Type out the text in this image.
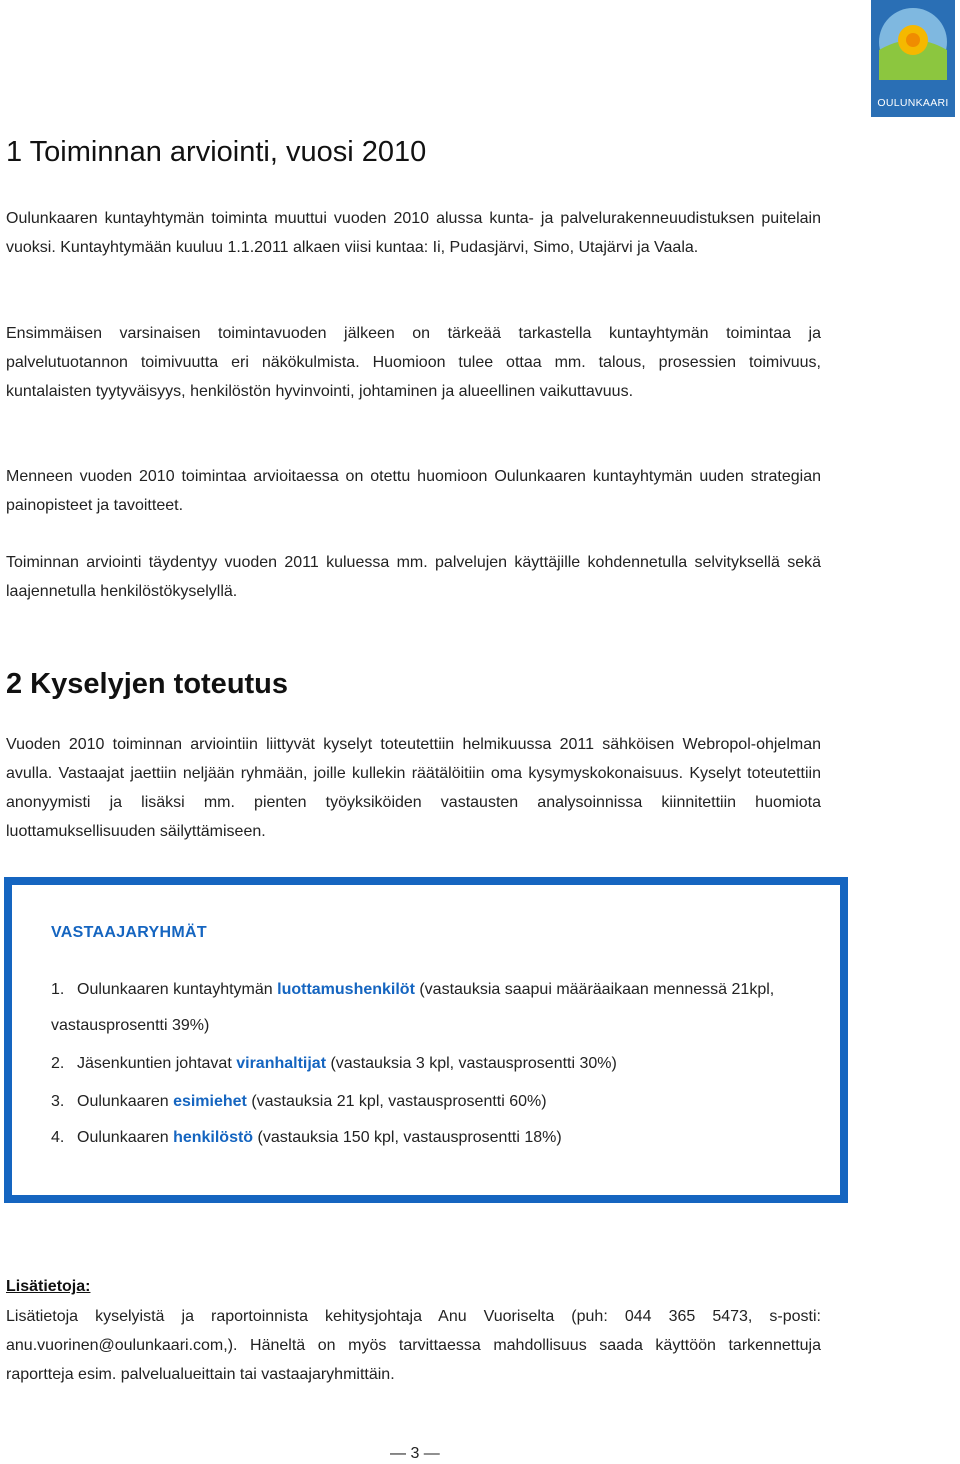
OULUNKAARI
1 Toiminnan arviointi, vuosi 2010

Oulunkaaren kuntayhtymän toiminta muuttui vuoden 2010 alussa kunta- ja palvelurakenneuudistuksen puitelain vuoksi. Kuntayhtymään kuuluu 1.1.2011 alkaen viisi kuntaa: Ii, Pudasjärvi, Simo, Utajärvi ja Vaala.

Ensimmäisen varsinaisen toimintavuoden jälkeen on tärkeää tarkastella kuntayhtymän toimintaa ja palvelutuotannon toimivuutta eri näkökulmista. Huomioon tulee ottaa mm. talous, prosessien toimivuus, kuntalaisten tyytyväisyys, henkilöstön hyvinvointi, johtaminen ja alueellinen vaikuttavuus.

Menneen vuoden 2010 toimintaa arvioitaessa on otettu huomioon Oulunkaaren kuntayhtymän uuden strategian painopisteet ja tavoitteet.

Toiminnan arviointi täydentyy vuoden 2011 kuluessa mm. palvelujen käyttäjille kohdennetulla selvityksellä sekä laajennetulla henkilöstökyselyllä.

2 Kyselyjen toteutus

Vuoden 2010 toiminnan arviointiin liittyvät kyselyt toteutettiin helmikuussa 2011 sähköisen Webropol-ohjelman avulla. Vastaajat jaettiin neljään ryhmään, joille kullekin räätälöitiin oma kysymyskokonaisuus. Kyselyt toteutettiin anonyymisti ja lisäksi mm. pienten työyksiköiden vastausten analysoinnissa kiinnitettiin huomiota luottamuksellisuuden säilyttämiseen.

VASTAAJARYHMÄT

1. Oulunkaaren kuntayhtymän luottamushenkilöt (vastauksia saapui määräaikaan mennessä 21kpl, vastausprosentti 39%)

2. Jäsenkuntien johtavat viranhaltijat (vastauksia 3 kpl, vastausprosentti 30%)

3. Oulunkaaren esimiehet (vastauksia 21 kpl, vastausprosentti 60%)

4. Oulunkaaren henkilöstö (vastauksia 150 kpl, vastausprosentti 18%)

Lisätietoja:

Lisätietoja kyselyistä ja raportoinnista kehitysjohtaja Anu Vuoriselta (puh: 044 365 5473, s-posti: anu.vuorinen@oulunkaari.com,). Häneltä on myös tarvittaessa mahdollisuus saada käyttöön tarkennettuja raportteja esim. palvelualueittain tai vastaajaryhmittäin.

— 3 —
